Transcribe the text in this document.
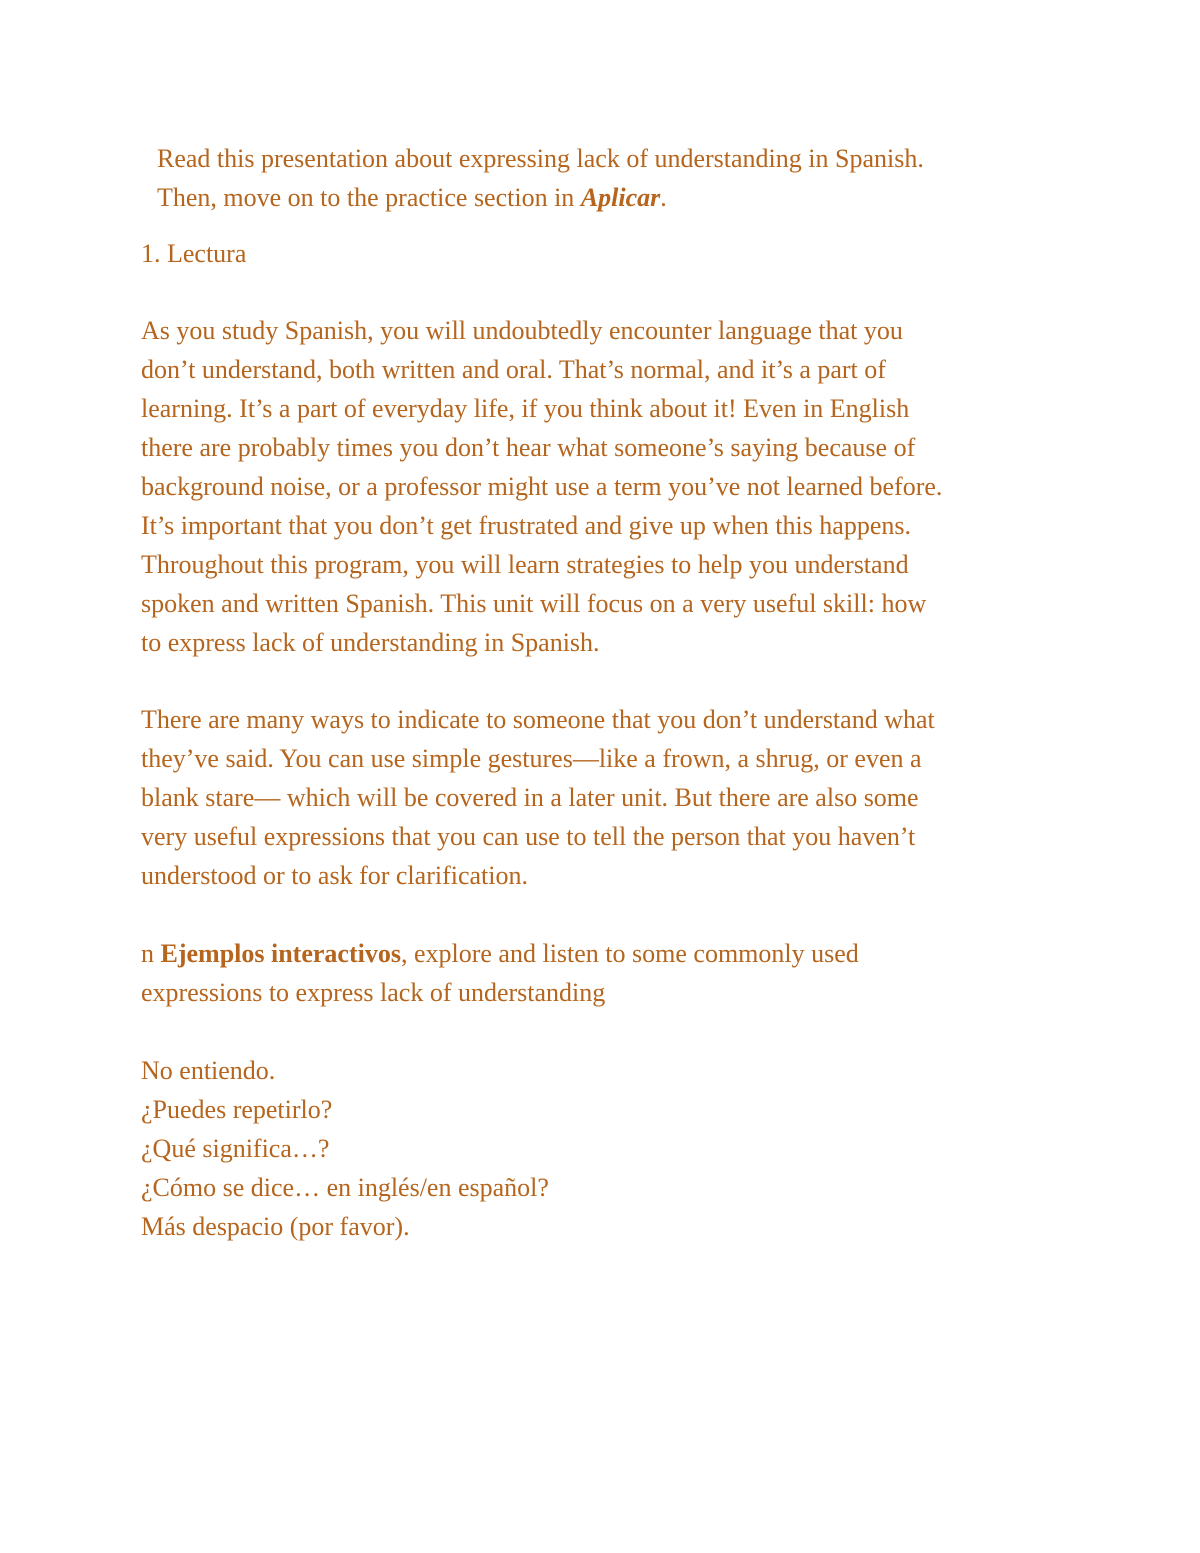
Read this presentation about expressing lack of understanding in Spanish.
Then, move on to the practice section in Aplicar.

1. Lectura

As you study Spanish, you will undoubtedly encounter language that you
don’t understand, both written and oral. That’s normal, and it’s a part of
learning. It’s a part of everyday life, if you think about it! Even in English
there are probably times you don’t hear what someone’s saying because of
background noise, or a professor might use a term you’ve not learned before.
It’s important that you don’t get frustrated and give up when this happens.
Throughout this program, you will learn strategies to help you understand
spoken and written Spanish. This unit will focus on a very useful skill: how
to express lack of understanding in Spanish.

There are many ways to indicate to someone that you don’t understand what
they’ve said. You can use simple gestures—like a frown, a shrug, or even a
blank stare— which will be covered in a later unit. But there are also some
very useful expressions that you can use to tell the person that you haven’t
understood or to ask for clarification.

n Ejemplos interactivos, explore and listen to some commonly used
expressions to express lack of understanding

No entiendo.
¿Puedes repetirlo?
¿Qué significa…?
¿Cómo se dice… en inglés/en español?
Más despacio (por favor).
